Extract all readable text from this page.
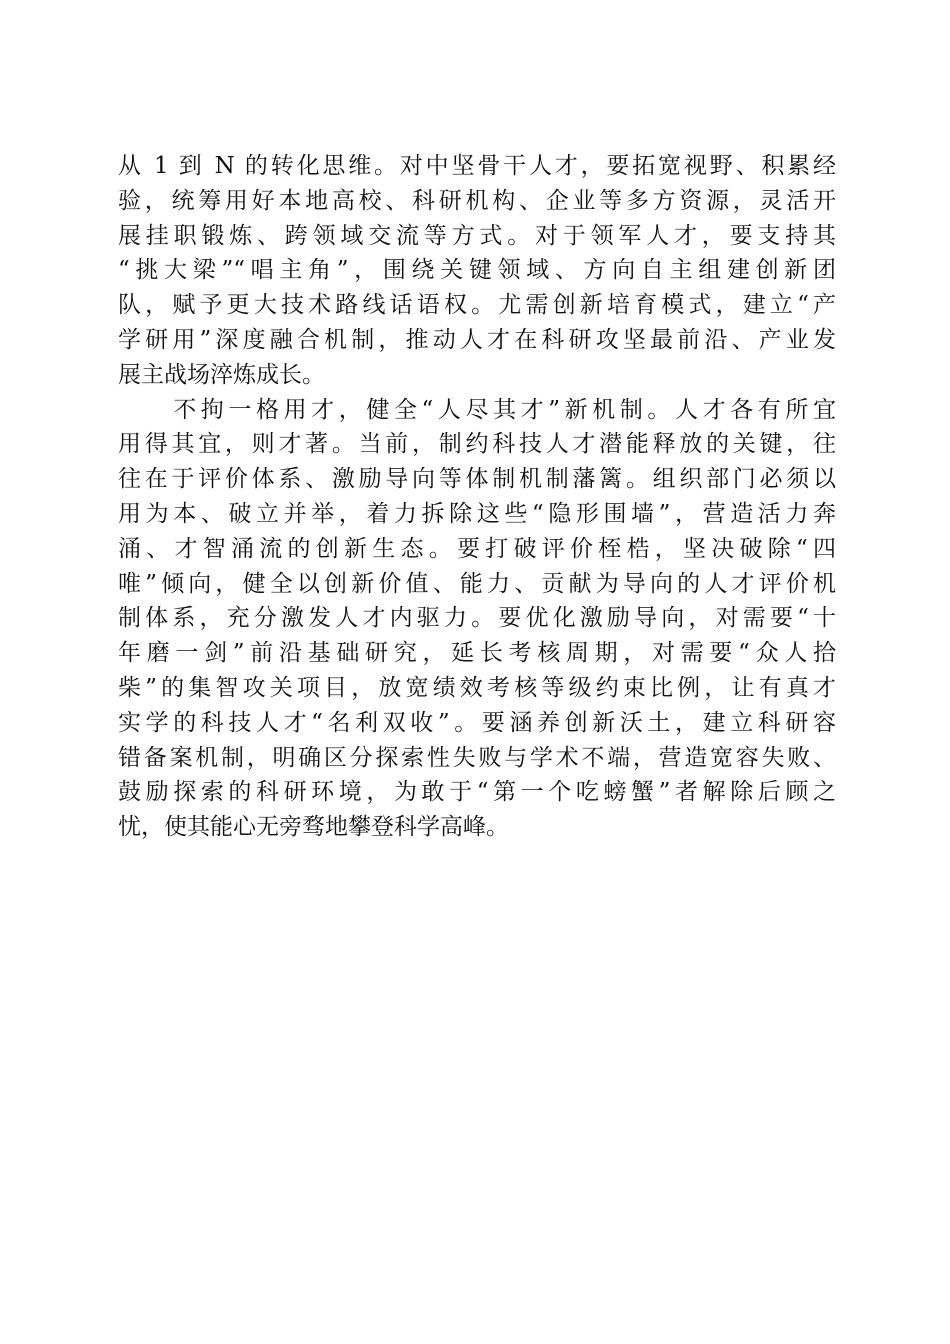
从 1 到 N 的转化思维。对中坚骨干人才，要拓宽视野、积累经
验，统筹用好本地高校、科研机构、企业等多方资源，灵活开
展挂职锻炼、跨领域交流等方式。对于领军人才，要支持其
“挑大梁”“唱主角”，围绕关键领域、方向自主组建创新团
队，赋予更大技术路线话语权。尤需创新培育模式，建立“产
学研用”深度融合机制，推动人才在科研攻坚最前沿、产业发
展主战场淬炼成长。
　　不拘一格用才，健全“人尽其才”新机制。人才各有所宜
用得其宜，则才著。当前，制约科技人才潜能释放的关键，往
往在于评价体系、激励导向等体制机制藩篱。组织部门必须以
用为本、破立并举，着力拆除这些“隐形围墙”，营造活力奔
涌、才智涌流的创新生态。要打破评价桎梏，坚决破除“四
唯”倾向，健全以创新价值、能力、贡献为导向的人才评价机
制体系，充分激发人才内驱力。要优化激励导向，对需要“十
年磨一剑”前沿基础研究，延长考核周期，对需要“众人拾
柴”的集智攻关项目，放宽绩效考核等级约束比例，让有真才
实学的科技人才“名利双收”。要涵养创新沃土，建立科研容
错备案机制，明确区分探索性失败与学术不端，营造宽容失败、
鼓励探索的科研环境，为敢于“第一个吃螃蟹”者解除后顾之
忧，使其能心无旁骛地攀登科学高峰。
